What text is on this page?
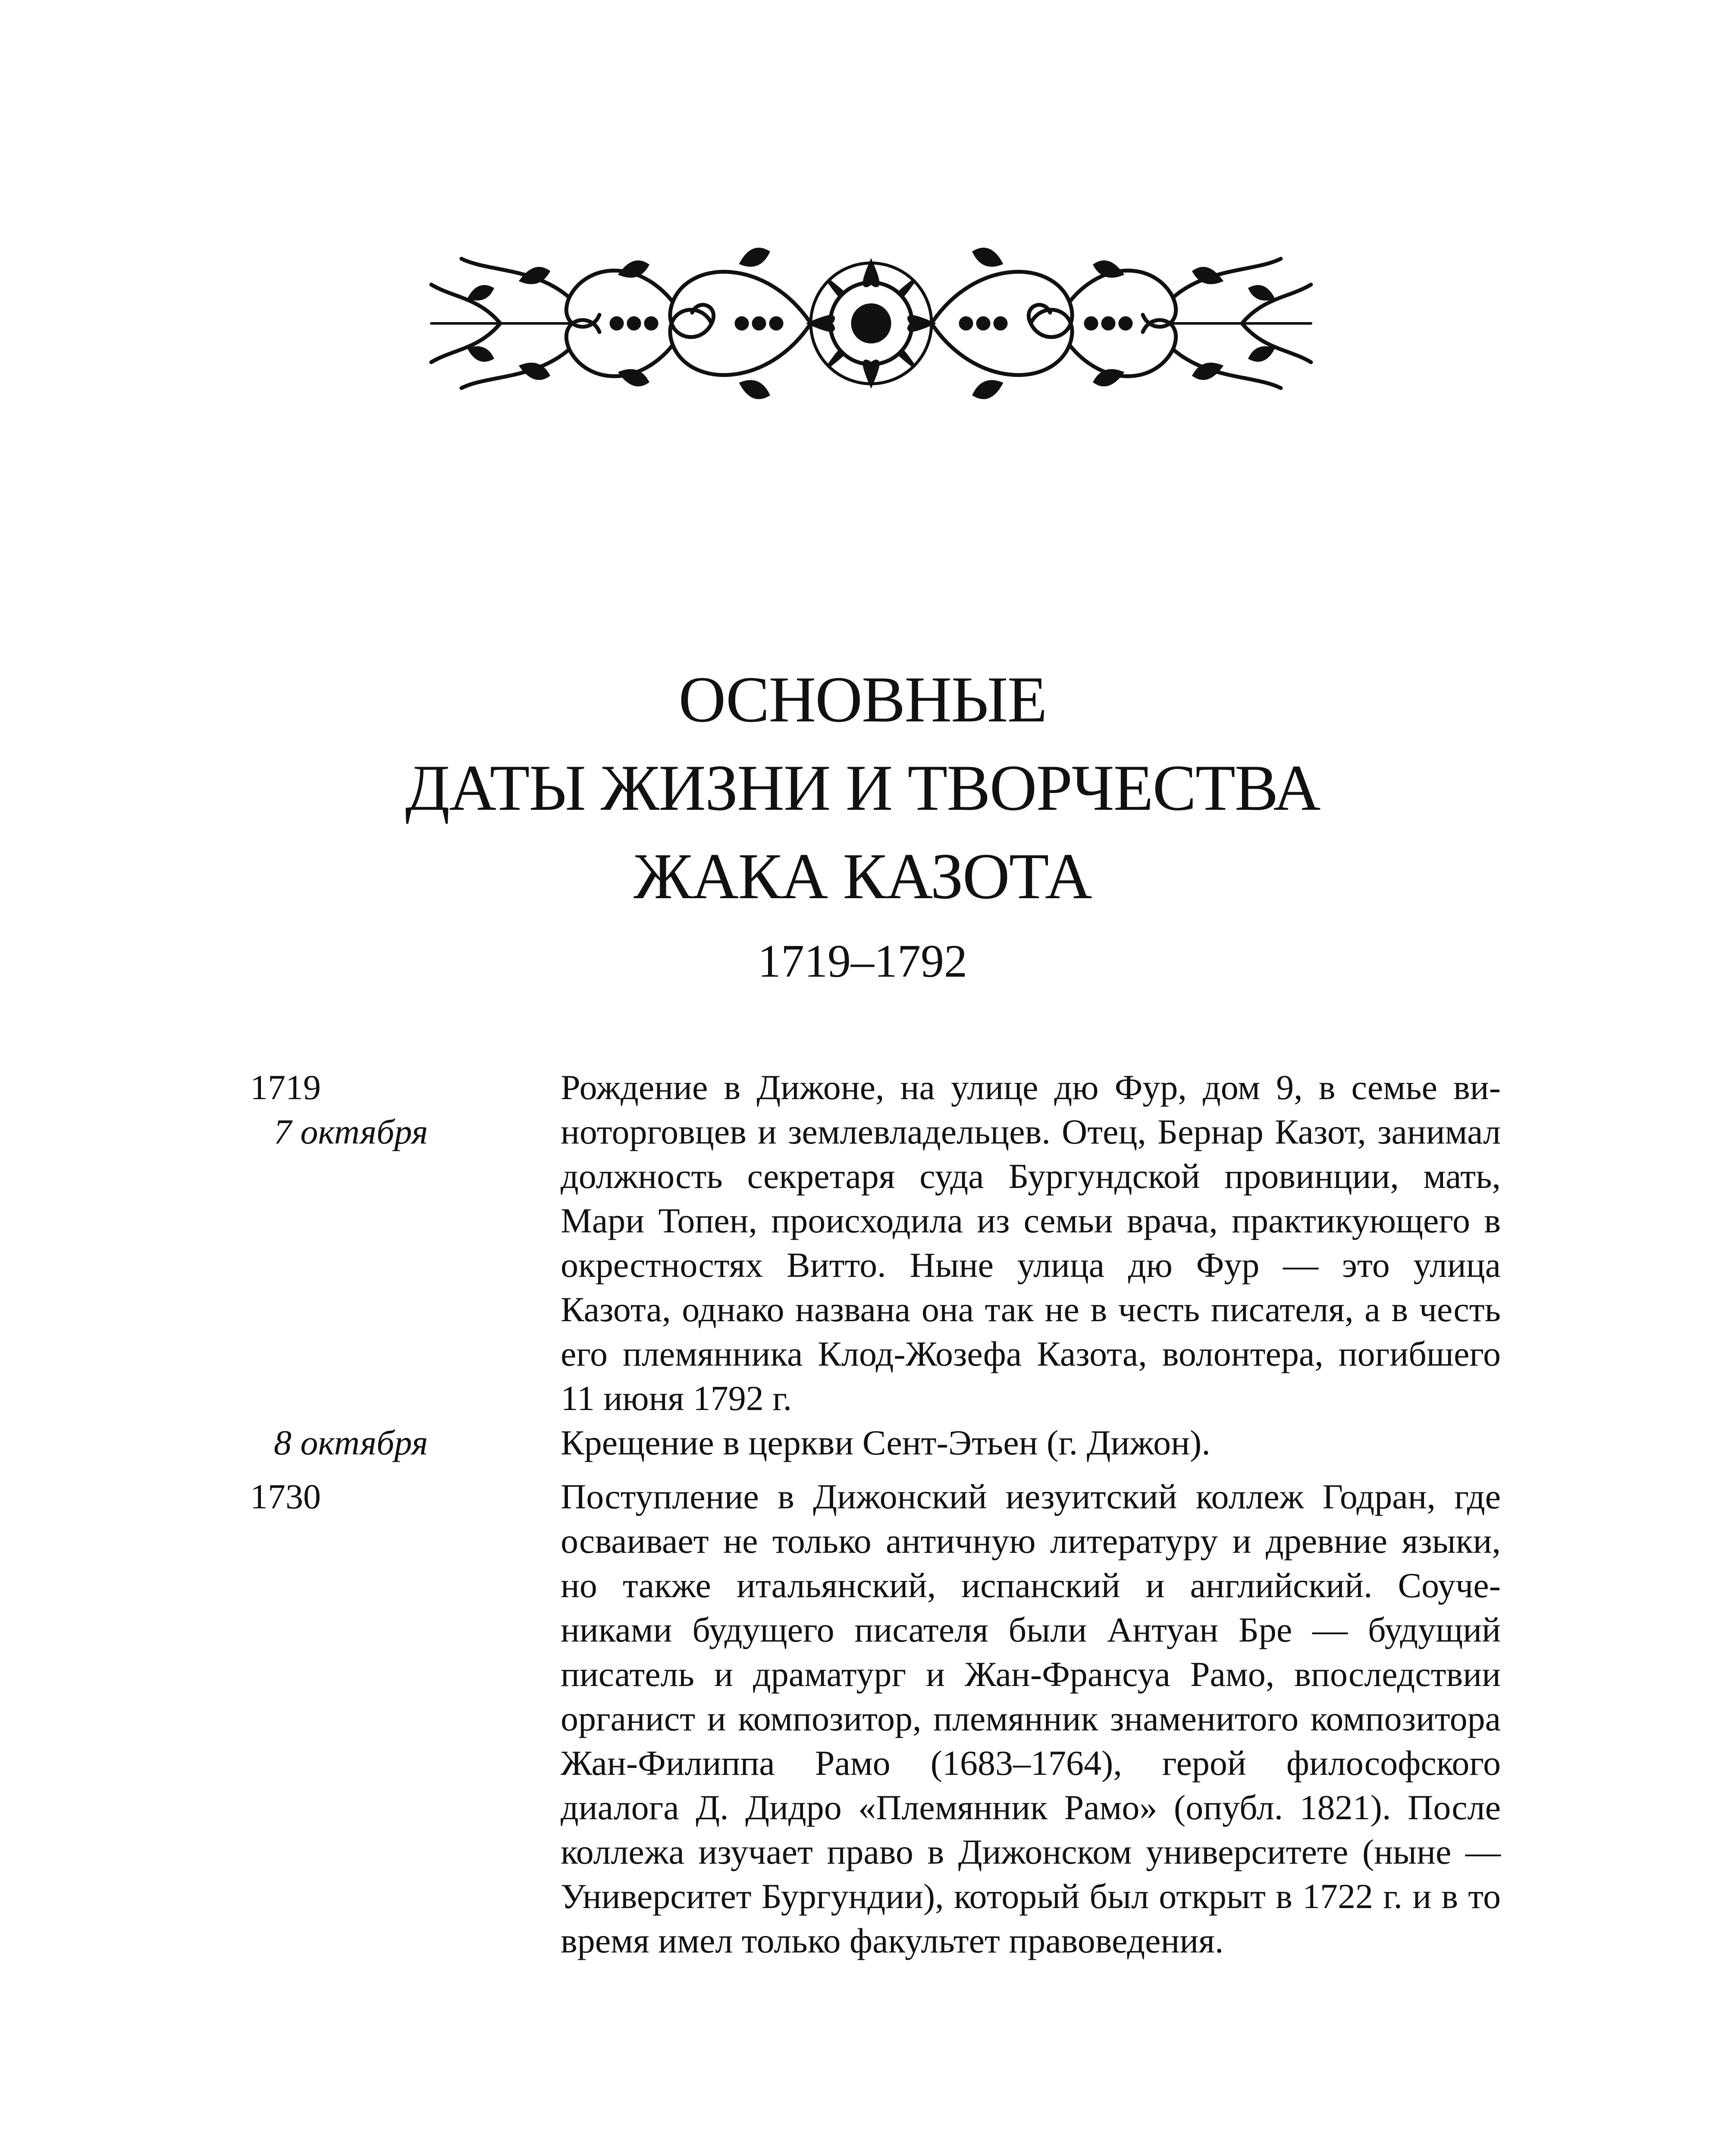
ОСНОВНЫЕ
ДАТЫ ЖИЗНИ И ТВОРЧЕСТВА
ЖАКА КАЗОТА
1719–1792
1719
7 октября
Рождение в Дижоне, на улице дю Фур, дом 9, в семье виноторговцев и землевладельцев. Отец, Бернар Казот, занимал должность секретаря суда Бургундской провинции, мать, Мари Топен, происходила из семьи врача, практикующего в окрестностях Витто. Ныне улица дю Фур — это улица Казота, однако названа она так не в честь писателя, а в честь его племянника Клод-Жозефа Казота, волонтера, погибшего 11 июня 1792 г.
8 октября	Крещение в церкви Сент-Этьен (г. Дижон).
1730	Поступление в Дижонский иезуитский коллеж Годран, где осваивает не только античную литературу и древние языки, но также итальянский, испанский и английский. Соучениками будущего писателя были Антуан Бре — будущий писатель и драматург и Жан-Франсуа Рамо, впоследствии органист и композитор, племянник знаменитого композитора Жан-Филиппа Рамо (1683–1764), герой философского диалога Д. Дидро «Племянник Рамо» (опубл. 1821). После коллежа изучает право в Дижонском университете (ныне — Университет Бургундии), который был открыт в 1722 г. и в то время имел только факультет правоведения.
